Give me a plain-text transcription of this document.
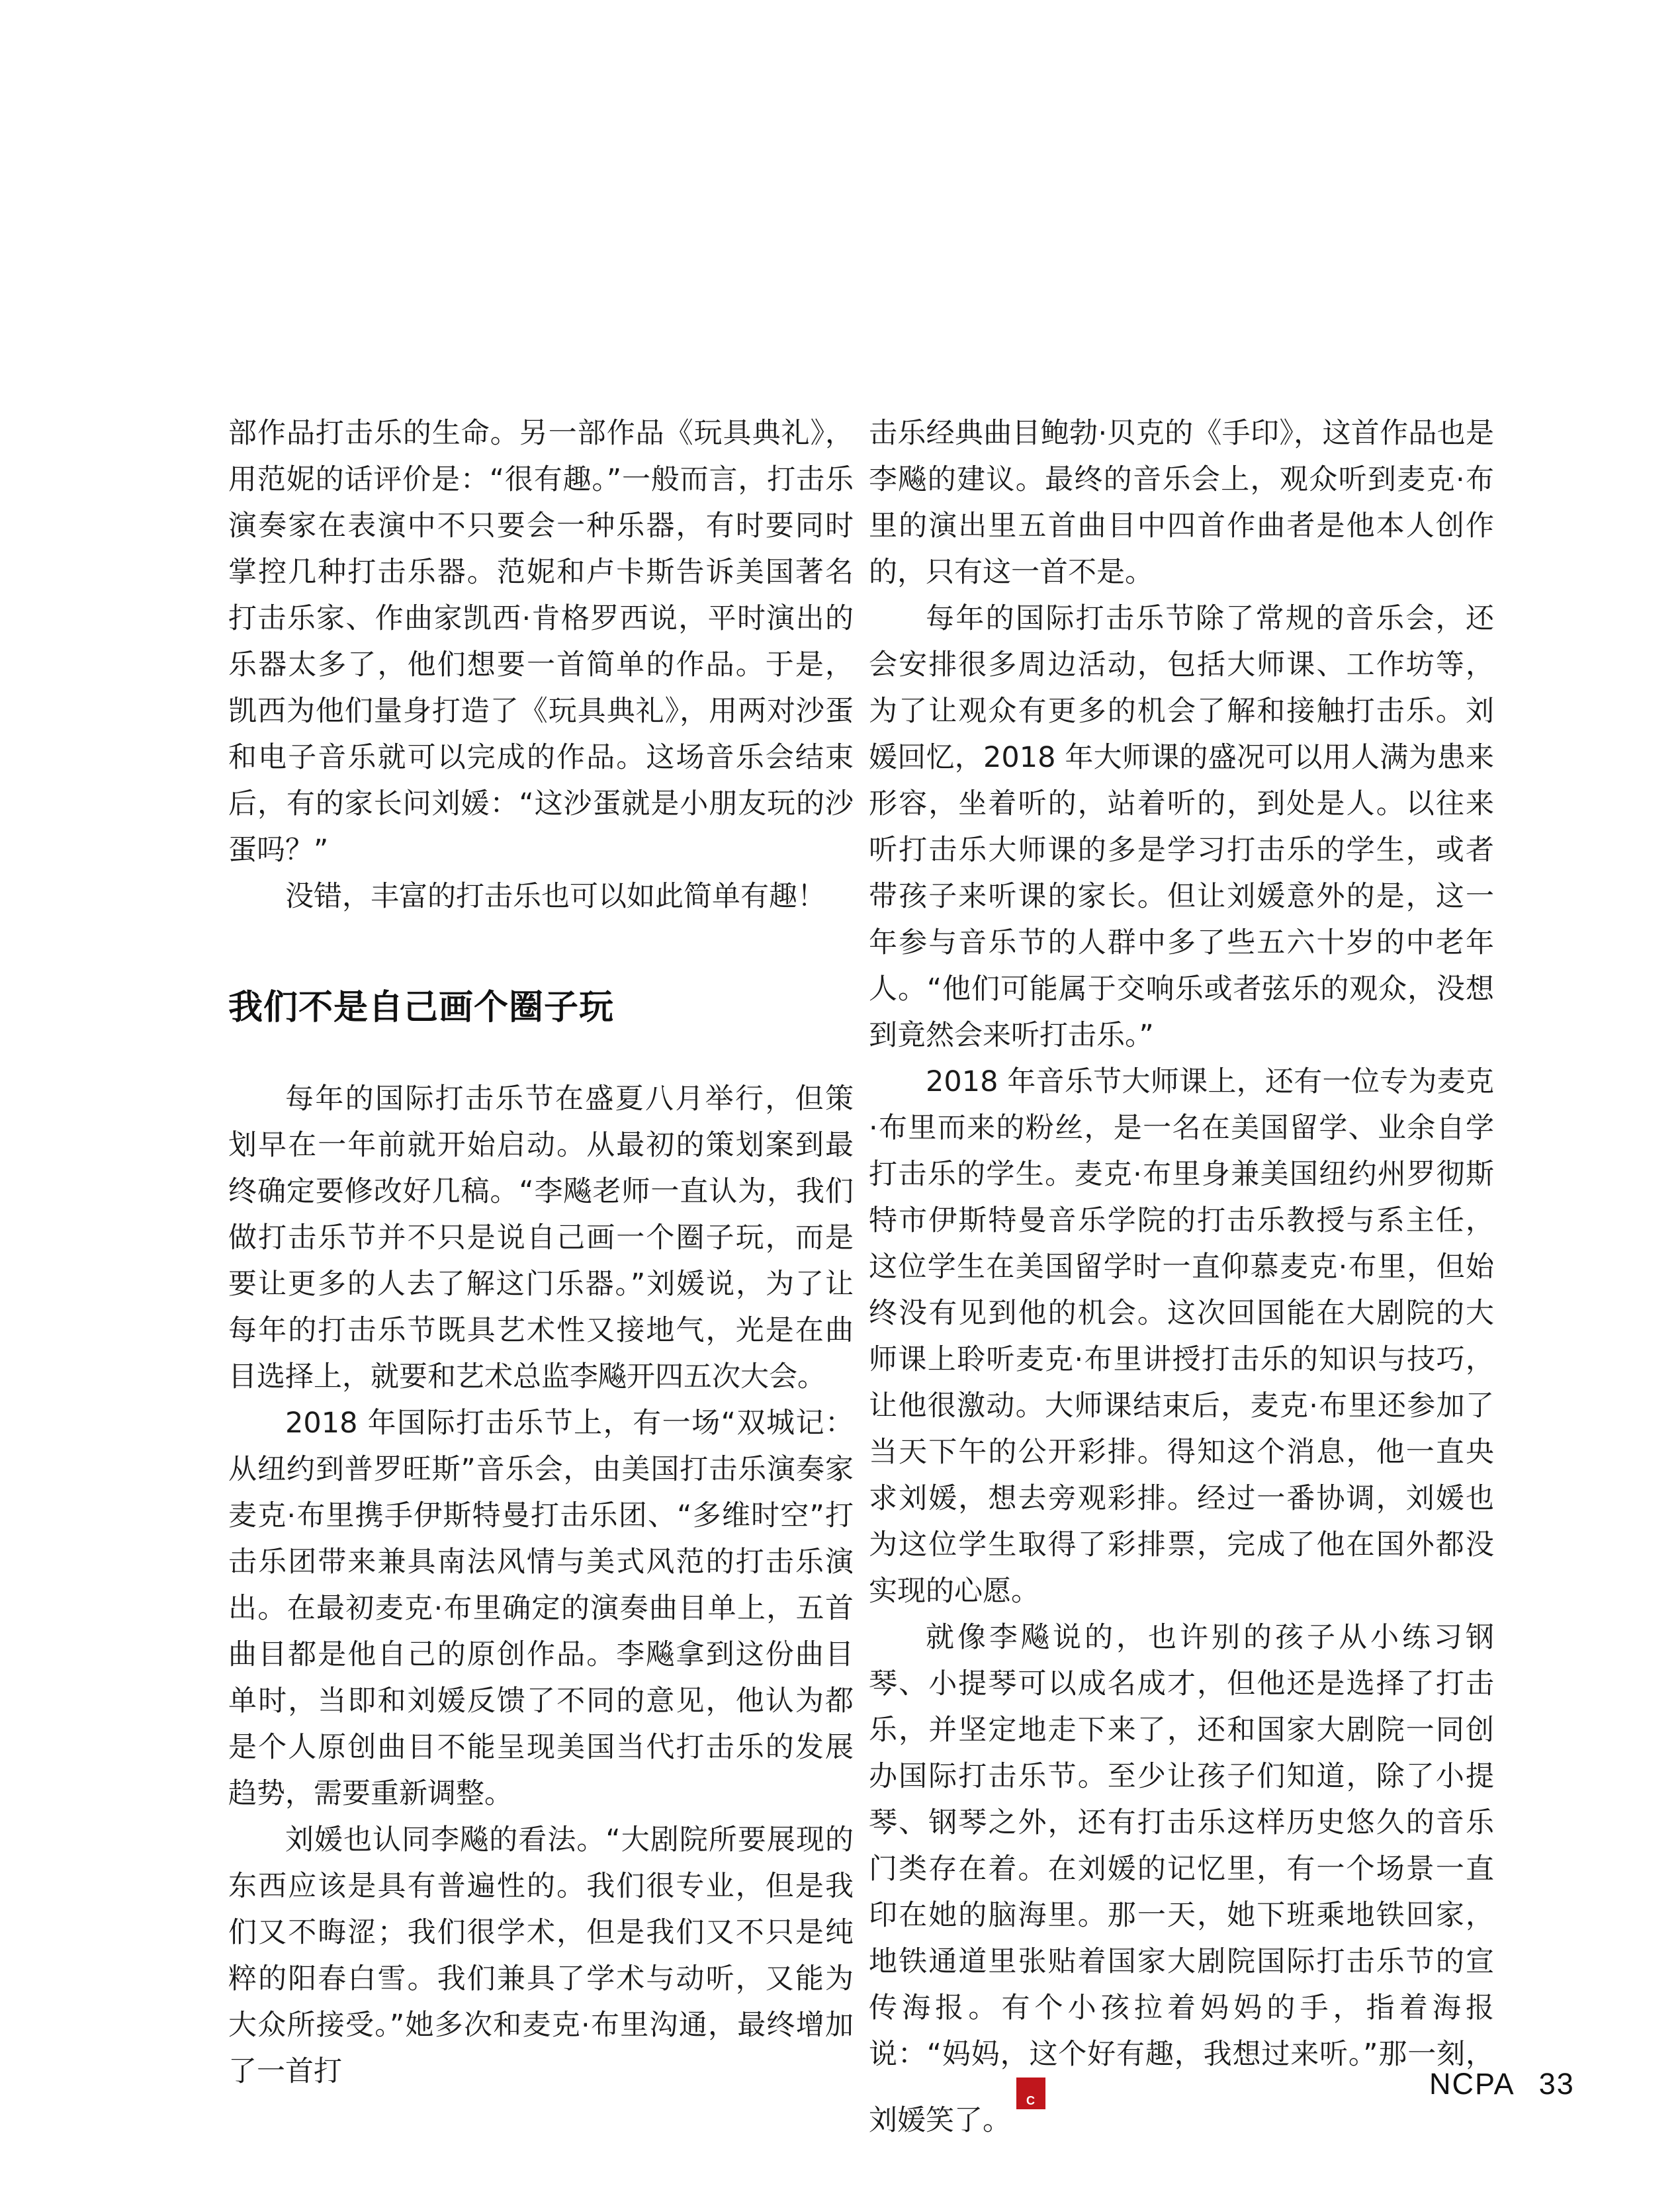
部作品打击乐的生命。另一部作品《玩具典礼》，用范妮的话评价是：“很有趣。”一般而言，打击乐演奏家在表演中不只要会一种乐器，有时要同时掌控几种打击乐器。范妮和卢卡斯告诉美国著名打击乐家、作曲家凯西·肯格罗西说，平时演出的乐器太多了，他们想要一首简单的作品。于是，凯西为他们量身打造了《玩具典礼》，用两对沙蛋和电子音乐就可以完成的作品。这场音乐会结束后，有的家长问刘媛：“这沙蛋就是小朋友玩的沙蛋吗？”

没错，丰富的打击乐也可以如此简单有趣！

我们不是自己画个圈子玩

每年的国际打击乐节在盛夏八月举行，但策划早在一年前就开始启动。从最初的策划案到最终确定要修改好几稿。“李飚老师一直认为，我们做打击乐节并不只是说自己画一个圈子玩，而是要让更多的人去了解这门乐器。”刘媛说，为了让每年的打击乐节既具艺术性又接地气，光是在曲目选择上，就要和艺术总监李飚开四五次大会。

2018 年国际打击乐节上，有一场“双城记：从纽约到普罗旺斯”音乐会，由美国打击乐演奏家麦克·布里携手伊斯特曼打击乐团、“多维时空”打击乐团带来兼具南法风情与美式风范的打击乐演出。在最初麦克·布里确定的演奏曲目单上，五首曲目都是他自己的原创作品。李飚拿到这份曲目单时，当即和刘媛反馈了不同的意见，他认为都是个人原创曲目不能呈现美国当代打击乐的发展趋势，需要重新调整。

刘媛也认同李飚的看法。“大剧院所要展现的东西应该是具有普遍性的。我们很专业，但是我们又不晦涩；我们很学术，但是我们又不只是纯粹的阳春白雪。我们兼具了学术与动听，又能为大众所接受。”她多次和麦克·布里沟通，最终增加了一首打

击乐经典曲目鲍勃·贝克的《手印》，这首作品也是李飚的建议。最终的音乐会上，观众听到麦克·布里的演出里五首曲目中四首作曲者是他本人创作的，只有这一首不是。

每年的国际打击乐节除了常规的音乐会，还会安排很多周边活动，包括大师课、工作坊等，为了让观众有更多的机会了解和接触打击乐。刘媛回忆，2018 年大师课的盛况可以用人满为患来形容，坐着听的，站着听的，到处是人。以往来听打击乐大师课的多是学习打击乐的学生，或者带孩子来听课的家长。但让刘媛意外的是，这一年参与音乐节的人群中多了些五六十岁的中老年人。“他们可能属于交响乐或者弦乐的观众，没想到竟然会来听打击乐。”

2018 年音乐节大师课上，还有一位专为麦克·布里而来的粉丝，是一名在美国留学、业余自学打击乐的学生。麦克·布里身兼美国纽约州罗彻斯特市伊斯特曼音乐学院的打击乐教授与系主任，这位学生在美国留学时一直仰慕麦克·布里，但始终没有见到他的机会。这次回国能在大剧院的大师课上聆听麦克·布里讲授打击乐的知识与技巧，让他很激动。大师课结束后，麦克·布里还参加了当天下午的公开彩排。得知这个消息，他一直央求刘媛，想去旁观彩排。经过一番协调，刘媛也为这位学生取得了彩排票，完成了他在国外都没实现的心愿。

就像李飚说的，也许别的孩子从小练习钢琴、小提琴可以成名成才，但他还是选择了打击乐，并坚定地走下来了，还和国家大剧院一同创办国际打击乐节。至少让孩子们知道，除了小提琴、钢琴之外，还有打击乐这样历史悠久的音乐门类存在着。在刘媛的记忆里，有一个场景一直印在她的脑海里。那一天，她下班乘地铁回家，地铁通道里张贴着国家大剧院国际打击乐节的宣传海报。有个小孩拉着妈妈的手，指着海报说：“妈妈，这个好有趣，我想过来听。”那一刻，刘媛笑了。
NC
PA

NCPA 33
